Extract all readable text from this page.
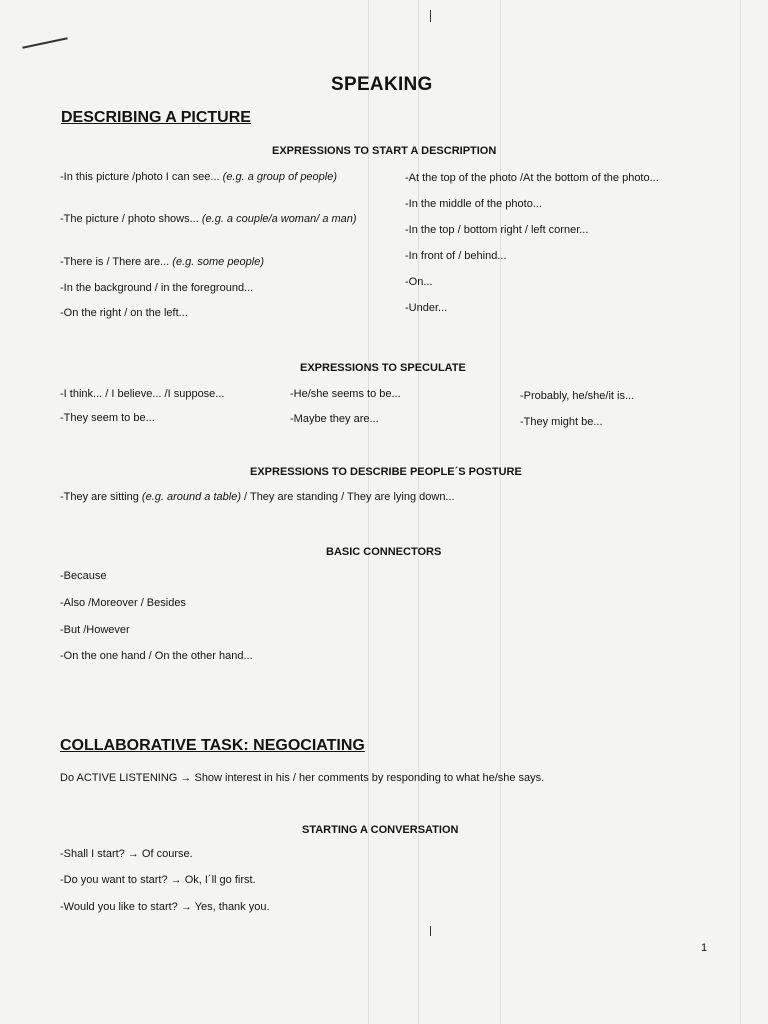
SPEAKING
DESCRIBING A PICTURE
EXPRESSIONS TO START A DESCRIPTION
-In this picture /photo I can see... (e.g. a group of people)
-The picture / photo shows... (e.g. a couple/a woman/ a man)
-There is / There are... (e.g. some people)
-In the background / in the foreground...
-On the right / on the left...
-At the top of the photo /At the bottom of the photo...
-In the middle of the photo...
-In the top / bottom right / left corner...
-In front of / behind...
-On...
-Under...
EXPRESSIONS TO SPECULATE
-I think... / I believe... /I suppose...
-They seem to be...
-He/she seems to be...
-Maybe they are...
-Probably, he/she/it is...
-They might be...
EXPRESSIONS TO DESCRIBE PEOPLE´S POSTURE
-They are sitting (e.g. around a table) / They are standing / They are lying down...
BASIC CONNECTORS
-Because
-Also /Moreover / Besides
-But /However
-On the one hand / On the other hand...
COLLABORATIVE TASK: NEGOCIATING
Do ACTIVE LISTENING → Show interest in his / her comments by responding to what he/she says.
STARTING A CONVERSATION
-Shall I start? → Of course.
-Do you want to start? → Ok, I´ll go first.
-Would you like to start? → Yes, thank you.
1
